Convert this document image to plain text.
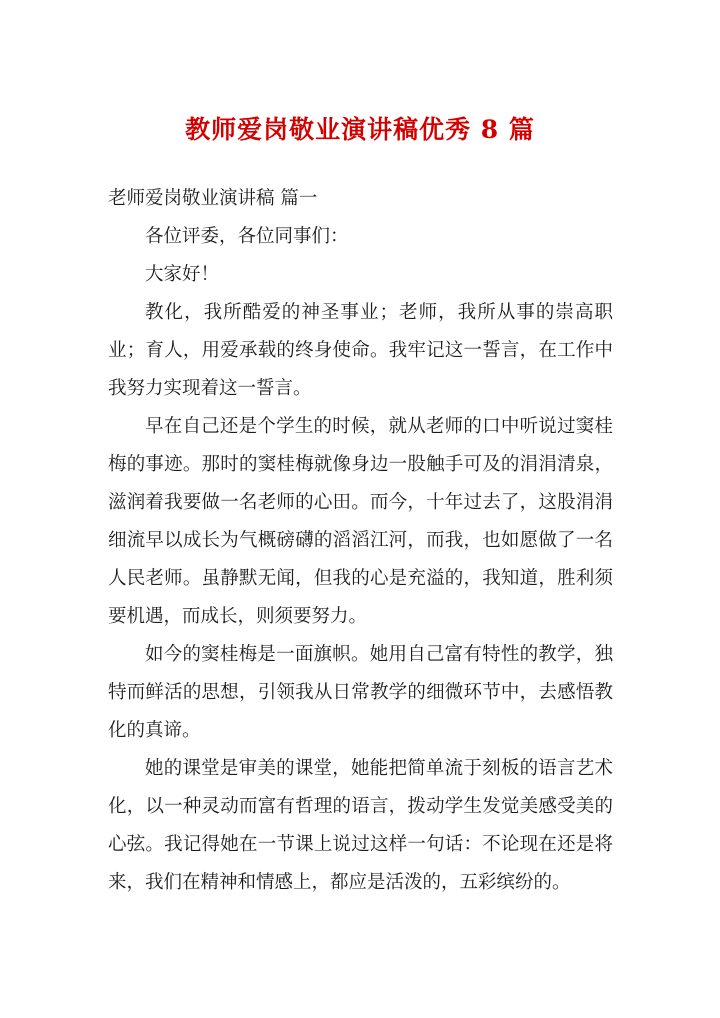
教师爱岗敬业演讲稿优秀 8 篇

老师爱岗敬业演讲稿 篇一

各位评委，各位同事们：

大家好！

教化，我所酷爱的神圣事业；老师，我所从事的崇高职业；育人，用爱承载的终身使命。我牢记这一誓言，在工作中我努力实现着这一誓言。

早在自己还是个学生的时候，就从老师的口中听说过窦桂梅的事迹。那时的窦桂梅就像身边一股触手可及的涓涓清泉，滋润着我要做一名老师的心田。而今，十年过去了，这股涓涓细流早以成长为气概磅礴的滔滔江河，而我，也如愿做了一名人民老师。虽静默无闻，但我的心是充溢的，我知道，胜利须要机遇，而成长，则须要努力。

如今的窦桂梅是一面旗帜。她用自己富有特性的教学，独特而鲜活的思想，引领我从日常教学的细微环节中，去感悟教化的真谛。

她的课堂是审美的课堂，她能把简单流于刻板的语言艺术化，以一种灵动而富有哲理的语言，拨动学生发觉美感受美的心弦。我记得她在一节课上说过这样一句话：不论现在还是将来，我们在精神和情感上，都应是活泼的，五彩缤纷的。
